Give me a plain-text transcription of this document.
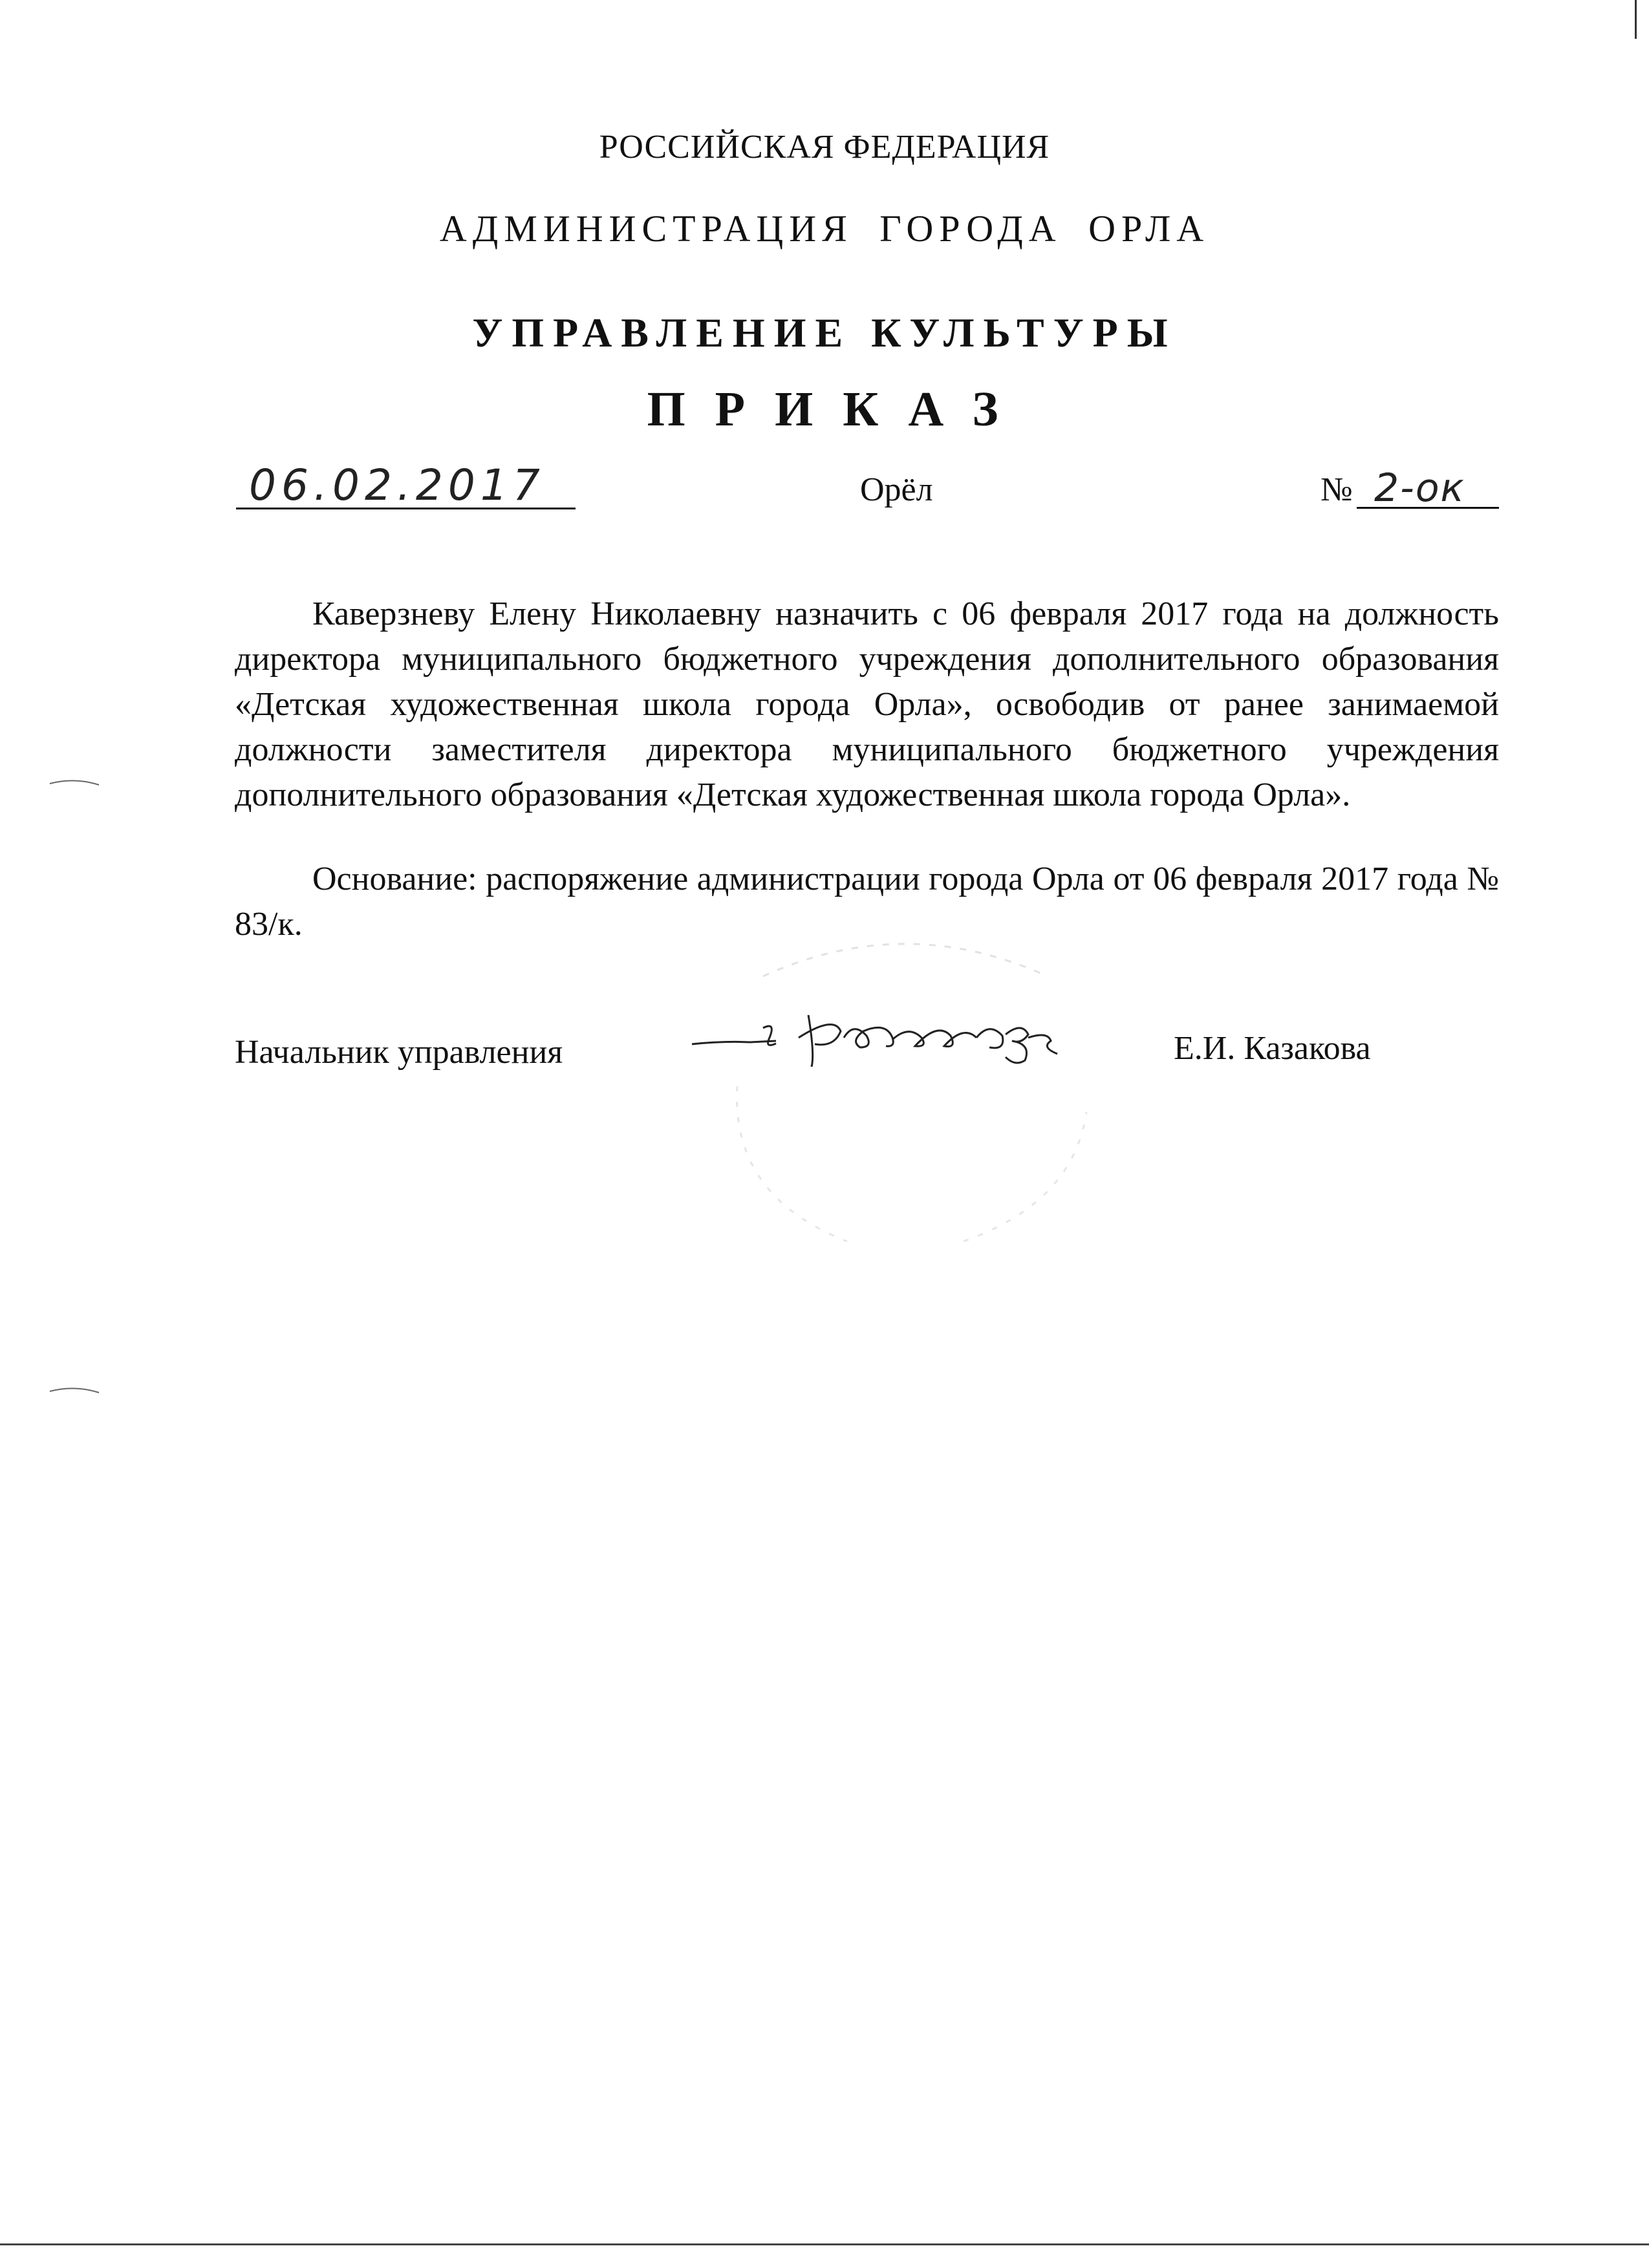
РОССИЙСКАЯ ФЕДЕРАЦИЯ
АДМИНИСТРАЦИЯ ГОРОДА ОРЛА
УПРАВЛЕНИЕ КУЛЬТУРЫ
ПРИКАЗ
06.02.2017	Орёл	№ 2-ок
Каверзневу Елену Николаевну назначить с 06 февраля 2017 года на должность директора муниципального бюджетного учреждения дополнительного образования «Детская художественная школа города Орла», освободив от ранее занимаемой должности заместителя директора муниципального бюджетного учреждения дополнительного образования «Детская художественная школа города Орла».
Основание: распоряжение администрации города Орла от 06 февраля 2017 года № 83/к.
Начальник управления	Е.И. Казакова
